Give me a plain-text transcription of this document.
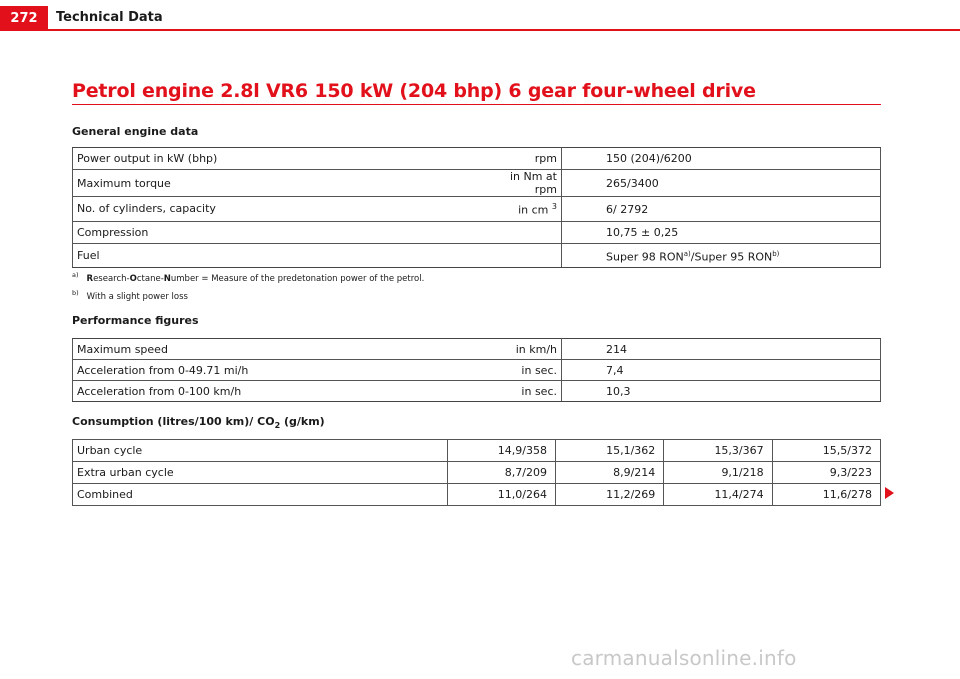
272	Technical Data
Petrol engine 2.8l VR6 150 kW (204 bhp) 6 gear four-wheel drive
General engine data
Power output in kW (bhp)	rpm	150 (204)/6200
Maximum torque	in Nm at rpm	265/3400
No. of cylinders, capacity	in cm $^3$	6/ 2792
Compression		10,75 ± 0,25
Fuel		Super 98 RON$^{a)}$/Super 95 RON$^{b)}$
$^{a)}$ Research-Octane-Number = Measure of the predetonation power of the petrol.
$^{b)}$ With a slight power loss
Performance figures
Maximum speed	in km/h	214
Acceleration from 0-49.71 mi/h	in sec.	7,4
Acceleration from 0-100 km/h	in sec.	10,3
Consumption (litres/100 km)/ $CO_2$ (g/km)
Urban cycle	14,9/358	15,1/362	15,3/367	15,5/372
Extra urban cycle	8,7/209	8,9/214	9,1/218	9,3/223
Combined	11,0/264	11,2/269	11,4/274	11,6/278
carmanualsonline.info
